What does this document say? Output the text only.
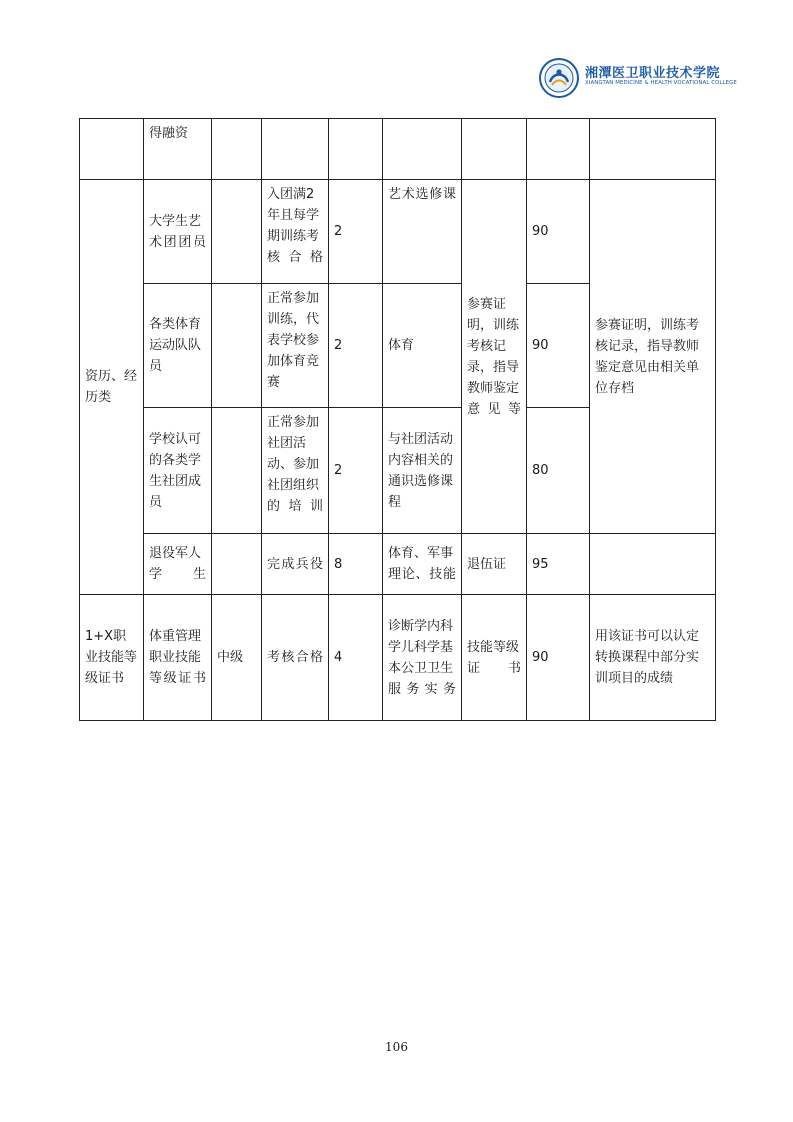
湘潭医卫职业技术学院
XIANGTAN MEDICINE & HEALTH VOCATIONAL COLLEGE
	得融资							
资历、经历类	大学生艺术团团员		入团满2年且每学期训练考核合格	2	艺术选修课	参赛证明，训练考核记录，指导教师鉴定意见等	90	参赛证明，训练考核记录，指导教师鉴定意见由相关单位存档
	各类体育运动队队员		正常参加训练，代表学校参加体育竞赛	2	体育		90	
	学校认可的各类学生社团成员		正常参加社团活动、参加社团组织的培训	2	与社团活动内容相关的通识选修课程		80	
	退役军人学生		完成兵役	8	体育、军事理论、技能	退伍证	95	
1+X职业技能等级证书	体重管理职业技能等级证书	中级	考核合格	4	诊断学内科学儿科学基本公卫卫生服务实务	技能等级证书	90	用该证书可以认定转换课程中部分实训项目的成绩
106
